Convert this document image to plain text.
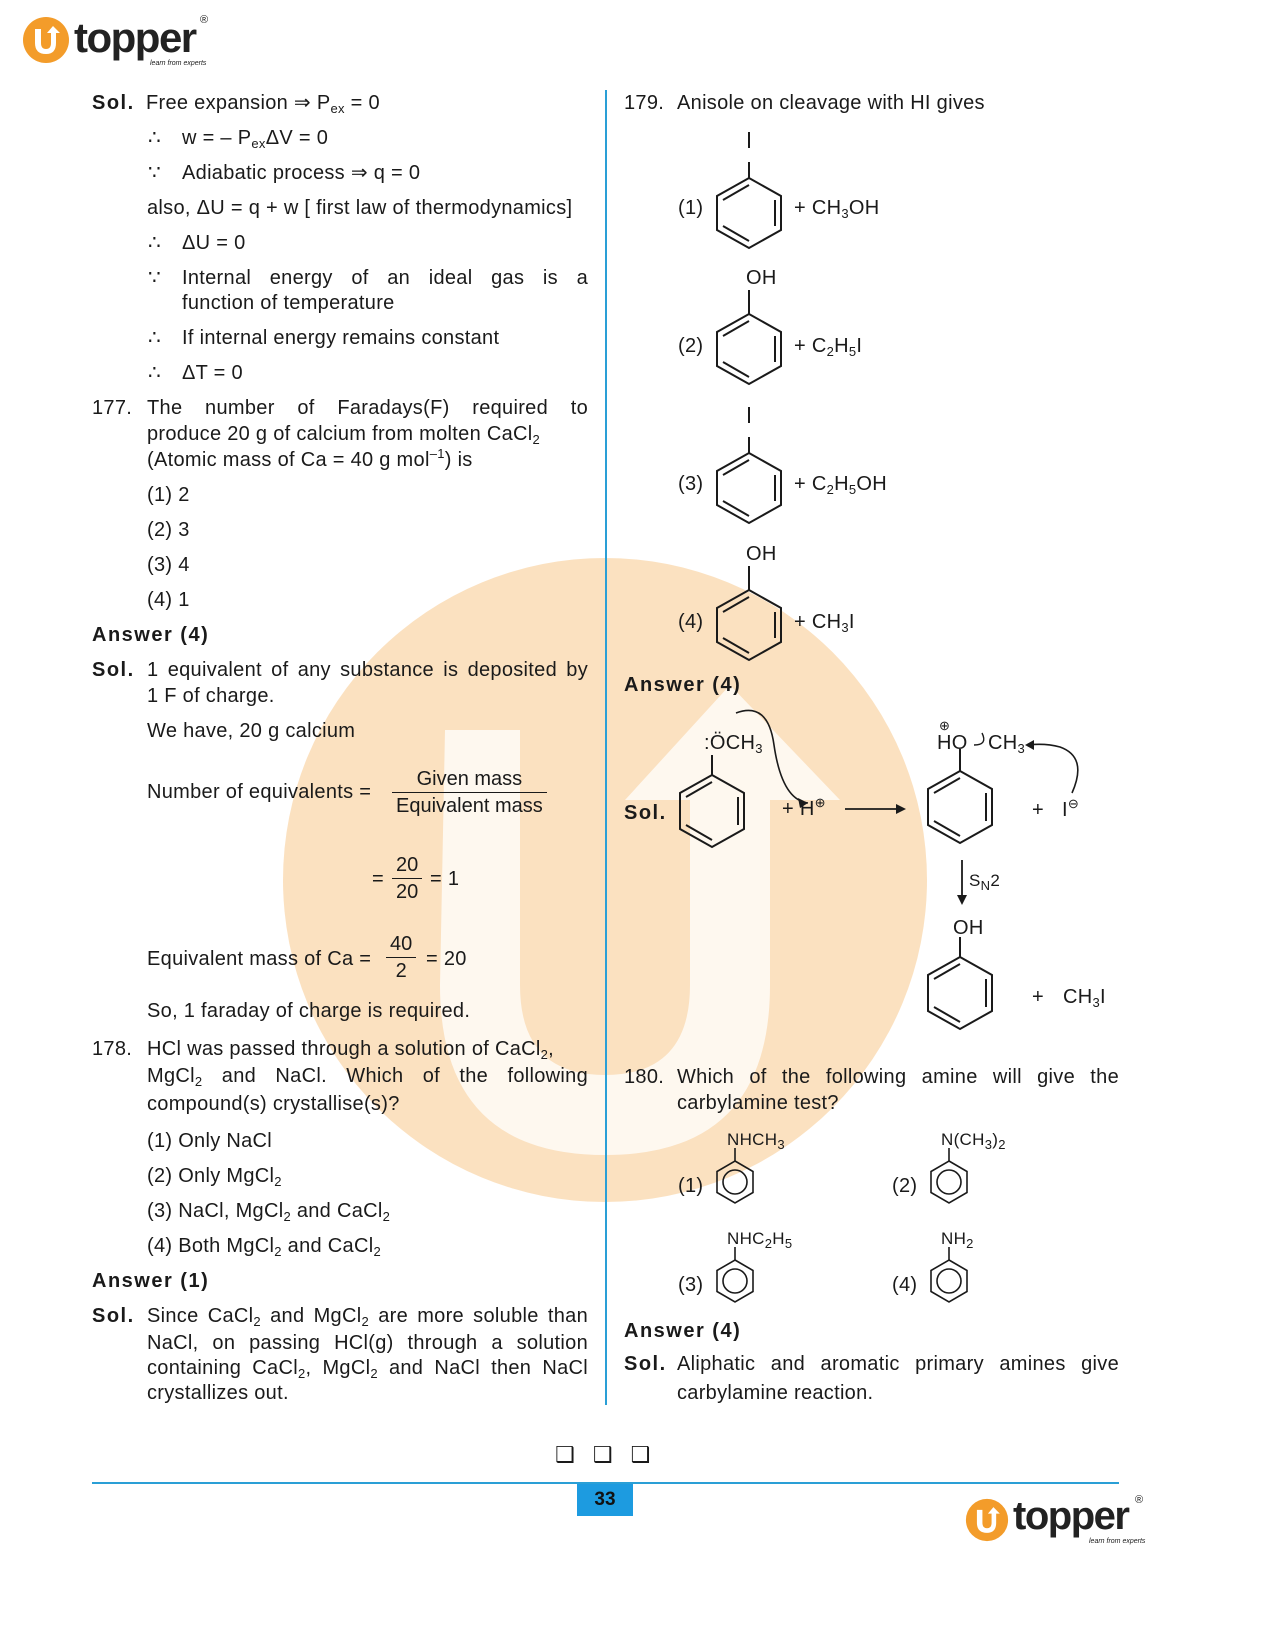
topper ®
learn from experts
Sol. Free expansion ⇒ $P_{ex} = 0$
∴ w = – $P_{ex}\Delta V = 0$
∵ Adiabatic process ⇒ q = 0
also, ΔU = q + w [ first law of thermodynamics]
∴ ΔU = 0
∵ Internal energy of an ideal gas is a
function of temperature
∴ If internal energy remains constant
∴ ΔT = 0
177. The number of Faradays(F) required to
produce 20 g of calcium from molten CaCl$_2$
(Atomic mass of Ca = 40 g mol$^{-1}$) is
(1) 2
(2) 3
(3) 4
(4) 1
Answer (4)
Sol. 1 equivalent of any substance is deposited by
1 F of charge.
We have, 20 g calcium
Number of equivalents =
Given mass
Equivalent mass
= $\frac{20}{20} = 1$
Equivalent mass of $Ca = \frac{40}{2} = 20$
So, 1 faraday of charge is required.
178. HCl was passed through a solution of CaCl$_2$,
MgCl$_2$ and NaCl. Which of the following
compound(s) crystallise(s)?
(1) Only NaCl
(2) Only MgCl$_2$
(3) NaCl, MgCl$_2$ and CaCl$_2$
(4) Both MgCl$_2$ and CaCl$_2$
Answer (1)
Sol. Since CaCl$_2$ and MgCl$_2$ are more soluble than
NaCl, on passing HCl(g) through a solution
containing CaCl$_2$, MgCl$_2$ and NaCl then NaCl
crystallizes out.
179. Anisole on cleavage with HI gives
(1)	+ $CH_3OH$
OH
(2)	+ $C_2H_5I$
(3)	+ $C_2H_5OH$
OH
(4)	+ $CH_3I$
Answer (4)
Sol.
$:ÖCH_3$
+ H⊕
⊕
HO $CH_3$
+ I⊖
$S_N2$
OH
+ $CH_3I$
180. Which of the following amine will give the
carbylamine test?
$NHCH_3$
(1)
$N(CH_3)_2$
(2)
$NHC_2H_5$
(3)
$NH_2$
(4)
Answer (4)
Sol. Aliphatic and aromatic primary amines give
carbylamine reaction.
❑❑❑
33	topper ®
learn from experts
